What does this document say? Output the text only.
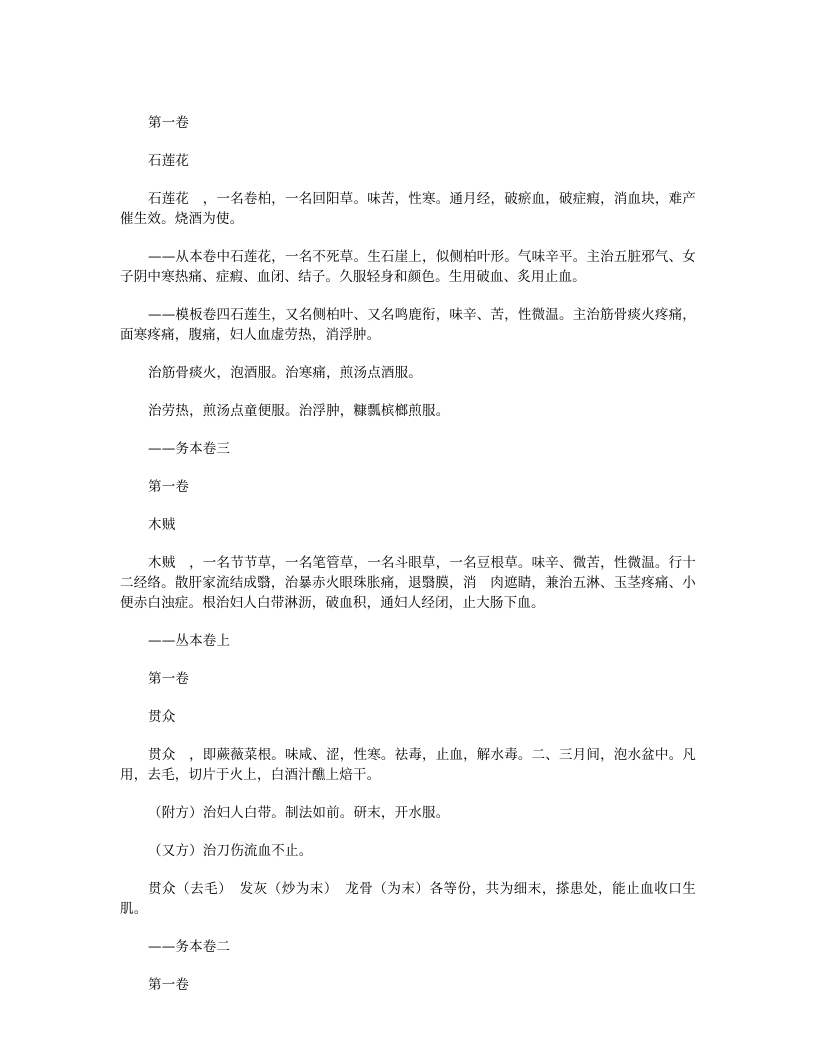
第一卷

石莲花

石莲花　，一名卷柏，一名回阳草。味苦，性寒。通月经，破瘀血，破症瘕，消血块，难产催生效。烧酒为使。

——从本卷中石莲花，一名不死草。生石崖上，似侧柏叶形。气味辛平。主治五脏邪气、女子阴中寒热痛、症瘕、血闭、结子。久服轻身和颜色。生用破血、炙用止血。

——模板卷四石莲生，又名侧柏叶、又名鸣鹿衔，味辛、苦，性微温。主治筋骨痰火疼痛，面寒疼痛，腹痛，妇人血虚劳热，消浮肿。

治筋骨痰火，泡酒服。治寒痛，煎汤点酒服。

治劳热，煎汤点童便服。治浮肿，糠瓢槟榔煎服。

——务本卷三

第一卷

木贼

木贼　，一名节节草，一名笔管草，一名斗眼草，一名豆根草。味辛、微苦，性微温。行十二经络。散肝家流结成翳，治暴赤火眼珠胀痛，退翳膜，消　肉遮睛，兼治五淋、玉茎疼痛、小便赤白浊症。根治妇人白带淋沥，破血积，通妇人经闭，止大肠下血。

——丛本卷上

第一卷

贯众

贯众　，即蕨薇菜根。味咸、涩，性寒。祛毒，止血，解水毒。二、三月间，泡水盆中。凡用，去毛，切片于火上，白酒汁醮上焙干。

（附方）治妇人白带。制法如前。研末，开水服。

（又方）治刀伤流血不止。

贯众（去毛）　发灰（炒为末）　龙骨（为末）各等份，共为细末，搽患处，能止血收口生肌。

——务本卷二

第一卷
